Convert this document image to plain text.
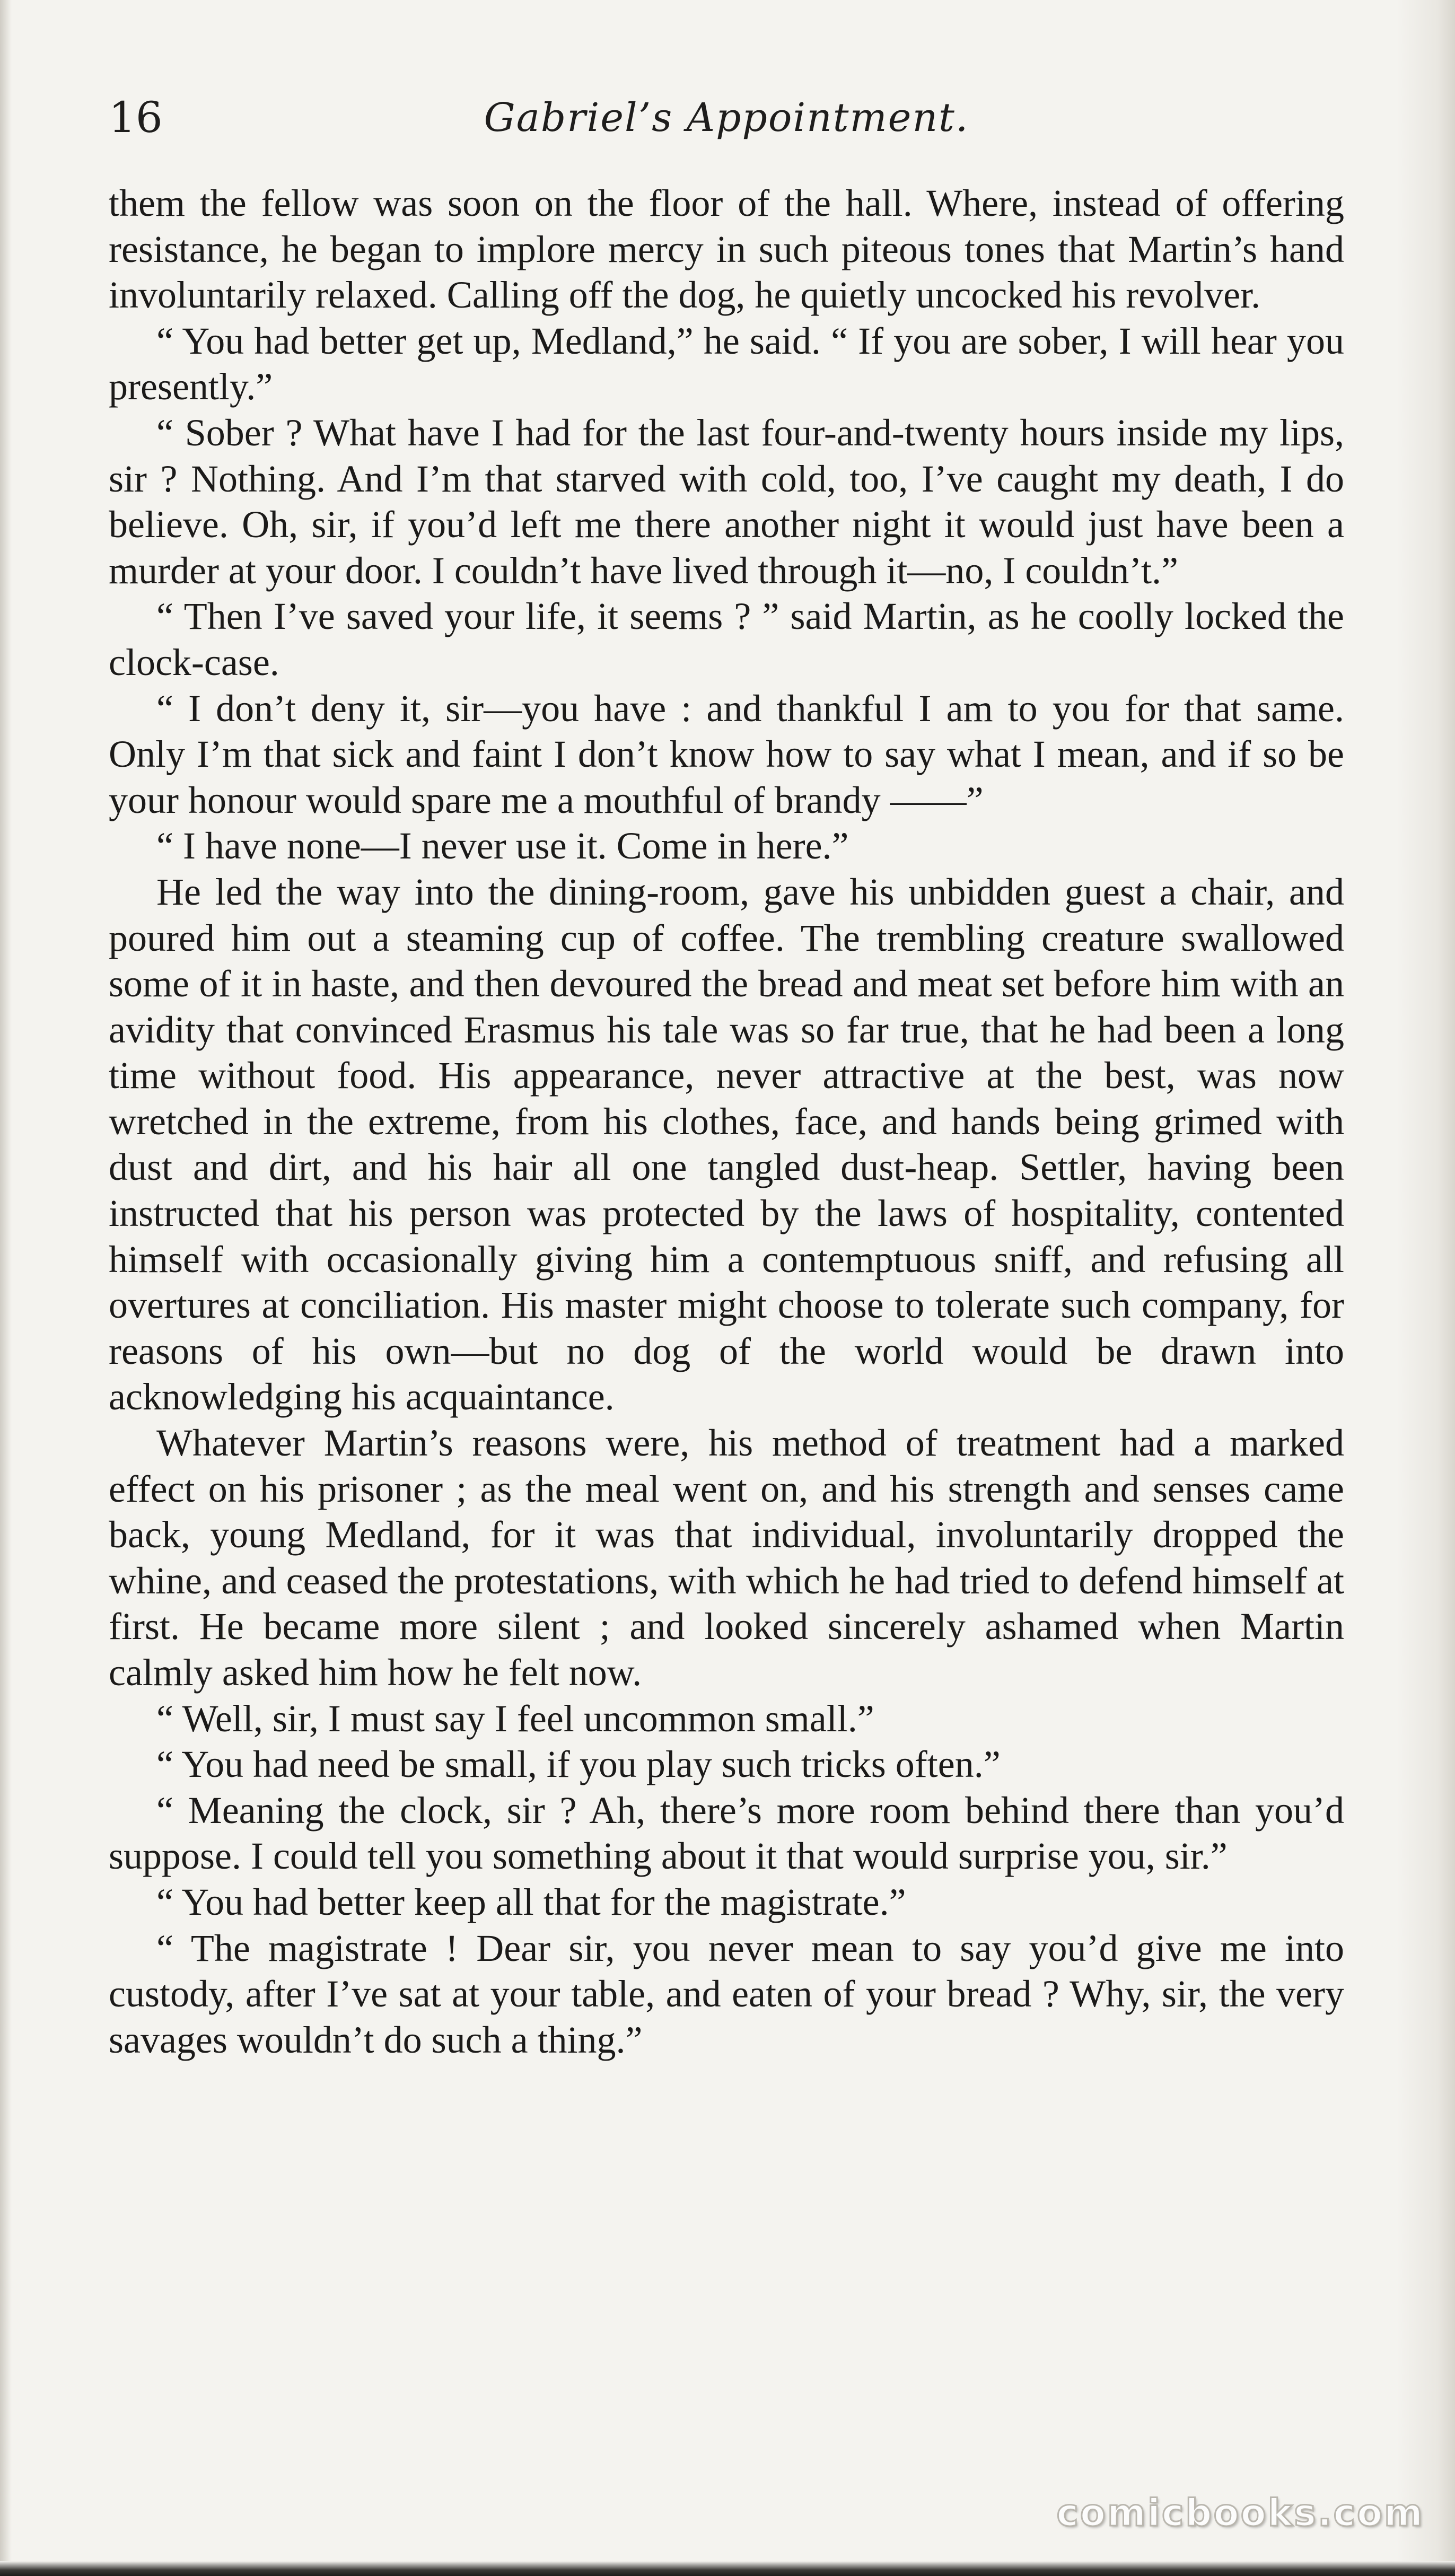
16	Gabriel’s Appointment.

them the fellow was soon on the floor of the hall. Where, instead of offering resistance, he began to implore mercy in such piteous tones that Martin’s hand involuntarily relaxed. Calling off the dog, he quietly uncocked his revolver.

“ You had better get up, Medland,” he said. “ If you are sober, I will hear you presently.”

“ Sober ? What have I had for the last four-and-twenty hours inside my lips, sir ? Nothing. And I’m that starved with cold, too, I’ve caught my death, I do believe. Oh, sir, if you’d left me there another night it would just have been a murder at your door. I couldn’t have lived through it—no, I couldn’t.”

“ Then I’ve saved your life, it seems ? ” said Martin, as he coolly locked the clock-case.

“ I don’t deny it, sir—you have : and thankful I am to you for that same. Only I’m that sick and faint I don’t know how to say what I mean, and if so be your honour would spare me a mouthful of brandy ——”

“ I have none—I never use it. Come in here.”

He led the way into the dining-room, gave his unbidden guest a chair, and poured him out a steaming cup of coffee. The trembling creature swallowed some of it in haste, and then devoured the bread and meat set before him with an avidity that convinced Erasmus his tale was so far true, that he had been a long time without food. His appearance, never attractive at the best, was now wretched in the extreme, from his clothes, face, and hands being grimed with dust and dirt, and his hair all one tangled dust-heap. Settler, having been instructed that his person was protected by the laws of hospitality, contented himself with occasionally giving him a contemptuous sniff, and refusing all overtures at conciliation. His master might choose to tolerate such company, for reasons of his own—but no dog of the world would be drawn into acknowledging his acquaintance.

Whatever Martin’s reasons were, his method of treatment had a marked effect on his prisoner ; as the meal went on, and his strength and senses came back, young Medland, for it was that individual, involuntarily dropped the whine, and ceased the protestations, with which he had tried to defend himself at first. He became more silent ; and looked sincerely ashamed when Martin calmly asked him how he felt now.

“ Well, sir, I must say I feel uncommon small.”

“ You had need be small, if you play such tricks often.”

“ Meaning the clock, sir ? Ah, there’s more room behind there than you’d suppose. I could tell you something about it that would surprise you, sir.”

“ You had better keep all that for the magistrate.”

“ The magistrate ! Dear sir, you never mean to say you’d give me into custody, after I’ve sat at your table, and eaten of your bread ? Why, sir, the very savages wouldn’t do such a thing.”

comicbooks.com
